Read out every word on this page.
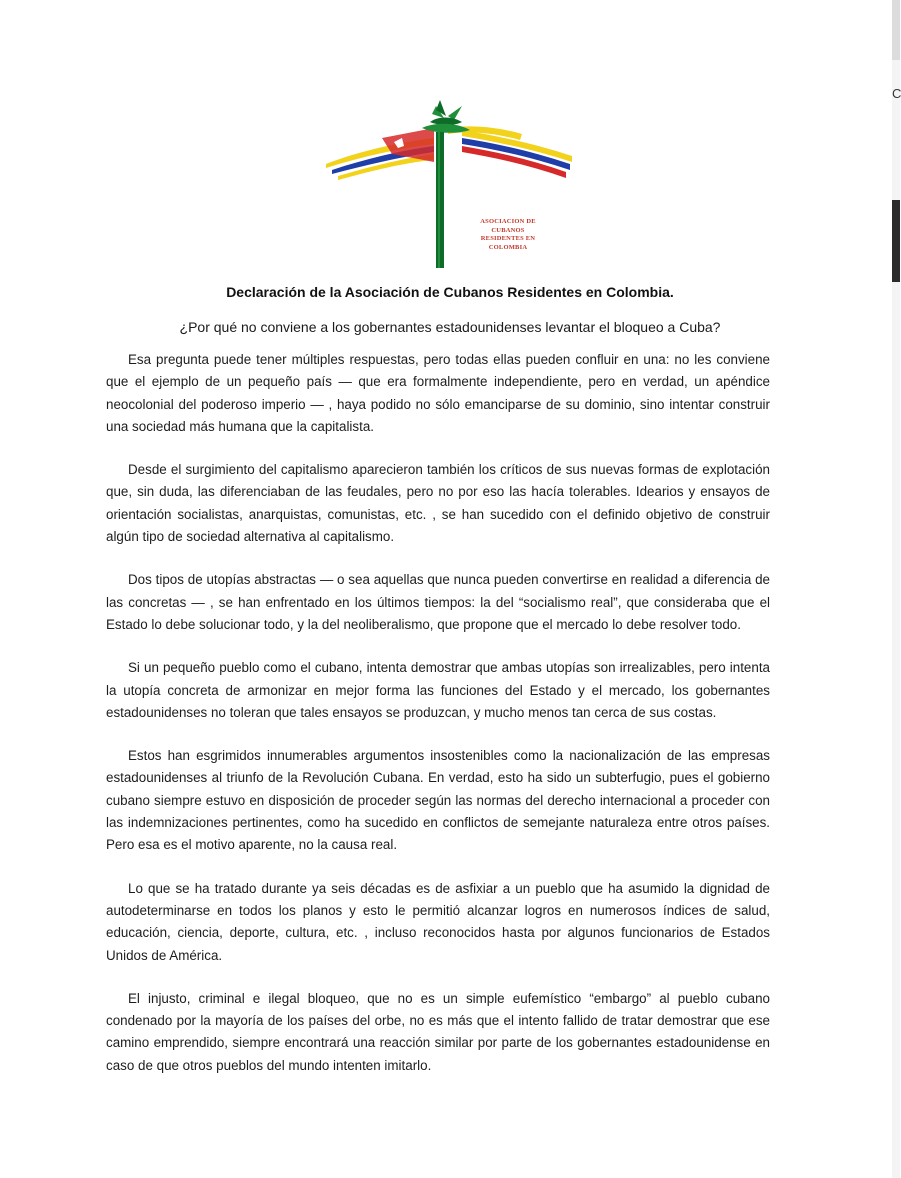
ASOCIACION DE
CUBANOS
RESIDENTES EN
COLOMBIA
Declaración de la Asociación de Cubanos Residentes en Colombia.
¿Por qué no conviene a los gobernantes estadounidenses levantar el bloqueo a Cuba?

Esa pregunta puede tener múltiples respuestas, pero todas ellas pueden confluir en una: no les conviene que el ejemplo de un pequeño país — que era formalmente independiente, pero en verdad, un apéndice neocolonial del poderoso imperio — , haya podido no sólo emanciparse de su dominio, sino intentar construir una sociedad más humana que la capitalista.

Desde el surgimiento del capitalismo aparecieron también los críticos de sus nuevas formas de explotación que, sin duda, las diferenciaban de las feudales, pero no por eso las hacía tolerables. Idearios y ensayos de orientación socialistas, anarquistas, comunistas, etc. , se han sucedido con el definido objetivo de construir algún tipo de sociedad alternativa al capitalismo.

Dos tipos de utopías abstractas — o sea aquellas que nunca pueden convertirse en realidad a diferencia de las concretas — , se han enfrentado en los últimos tiempos: la del “socialismo real”, que consideraba que el Estado lo debe solucionar todo, y la del neoliberalismo, que propone que el mercado lo debe resolver todo.

Si un pequeño pueblo como el cubano, intenta demostrar que ambas utopías son irrealizables, pero intenta la utopía concreta de armonizar en mejor forma las funciones del Estado y el mercado, los gobernantes estadounidenses no toleran que tales ensayos se produzcan, y mucho menos tan cerca de sus costas.

Estos han esgrimidos innumerables argumentos insostenibles como la nacionalización de las empresas estadounidenses al triunfo de la Revolución Cubana. En verdad, esto ha sido un subterfugio, pues el gobierno cubano siempre estuvo en disposición de proceder según las normas del derecho internacional a proceder con las indemnizaciones pertinentes, como ha sucedido en conflictos de semejante naturaleza entre otros países. Pero esa es el motivo aparente, no la causa real.

Lo que se ha tratado durante ya seis décadas es de asfixiar a un pueblo que ha asumido la dignidad de autodeterminarse en todos los planos y esto le permitió alcanzar logros en numerosos índices de salud, educación, ciencia, deporte, cultura, etc. , incluso reconocidos hasta por algunos funcionarios de Estados Unidos de América.

El injusto, criminal e ilegal bloqueo, que no es un simple eufemístico “embargo” al pueblo cubano condenado por la mayoría de los países del orbe, no es más que el intento fallido de tratar demostrar que ese camino emprendido, siempre encontrará una reacción similar por parte de los gobernantes estadounidense en caso de que otros pueblos del mundo intenten imitarlo.

C
